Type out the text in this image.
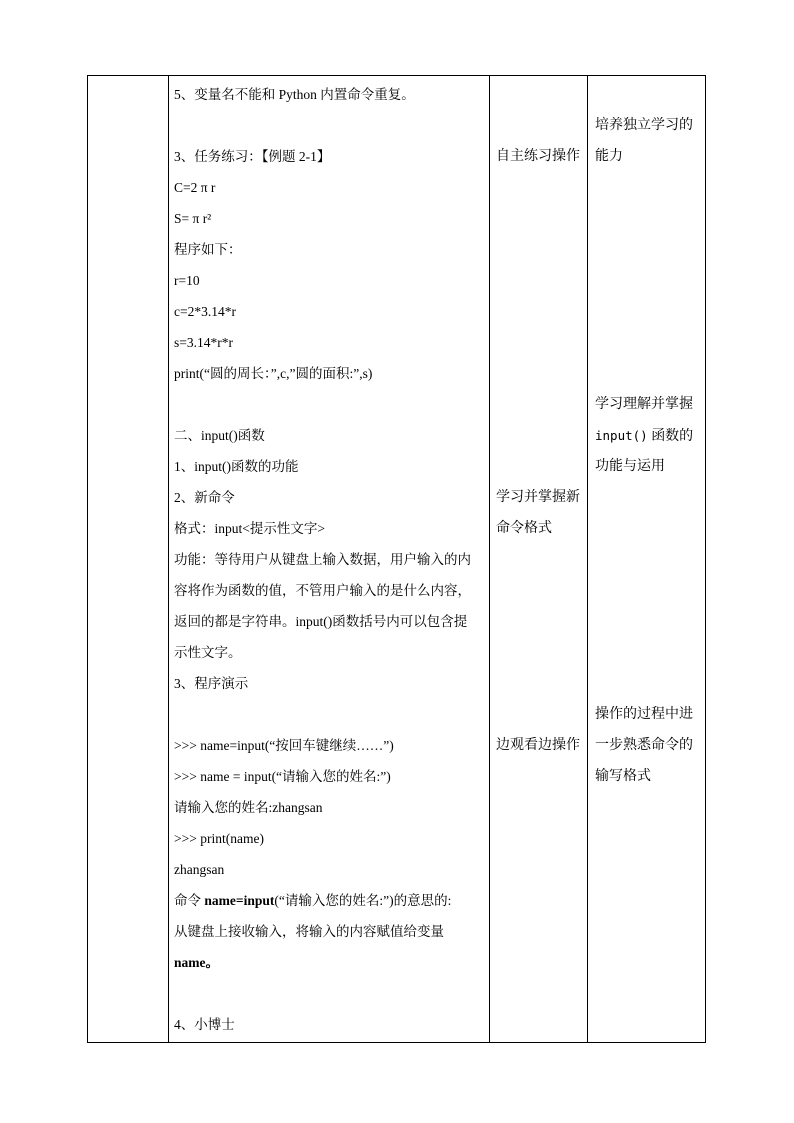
5、变量名不能和 Python 内置命令重复。
3、任务练习：【例题 2-1】
C=2 π r
S= π r²
程序如下：
r=10
c=2*3.14*r
s=3.14*r*r
print(“圆的周长：”,c,”圆的面积:”,s)
二、input()函数
1、input()函数的功能
2、新命令
格式：input<提示性文字>
功能：等待用户从键盘上输入数据，用户输入的内
容将作为函数的值，不管用户输入的是什么内容，
返回的都是字符串。input()函数括号内可以包含提
示性文字。
3、程序演示
>>> name=input(“按回车键继续……”)
>>> name = input(“请输入您的姓名:”)
请输入您的姓名:zhangsan
>>> print(name)
zhangsan
命令 name=input(“请输入您的姓名:”)的意思的:
从键盘上接收输入，将输入的内容赋值给变量
name。
4、小博士
自主练习操作
学习并掌握新
命令格式
边观看边操作
培养独立学习的
能力
学习理解并掌握
input() 函数的
功能与运用
操作的过程中进
一步熟悉命令的
输写格式
